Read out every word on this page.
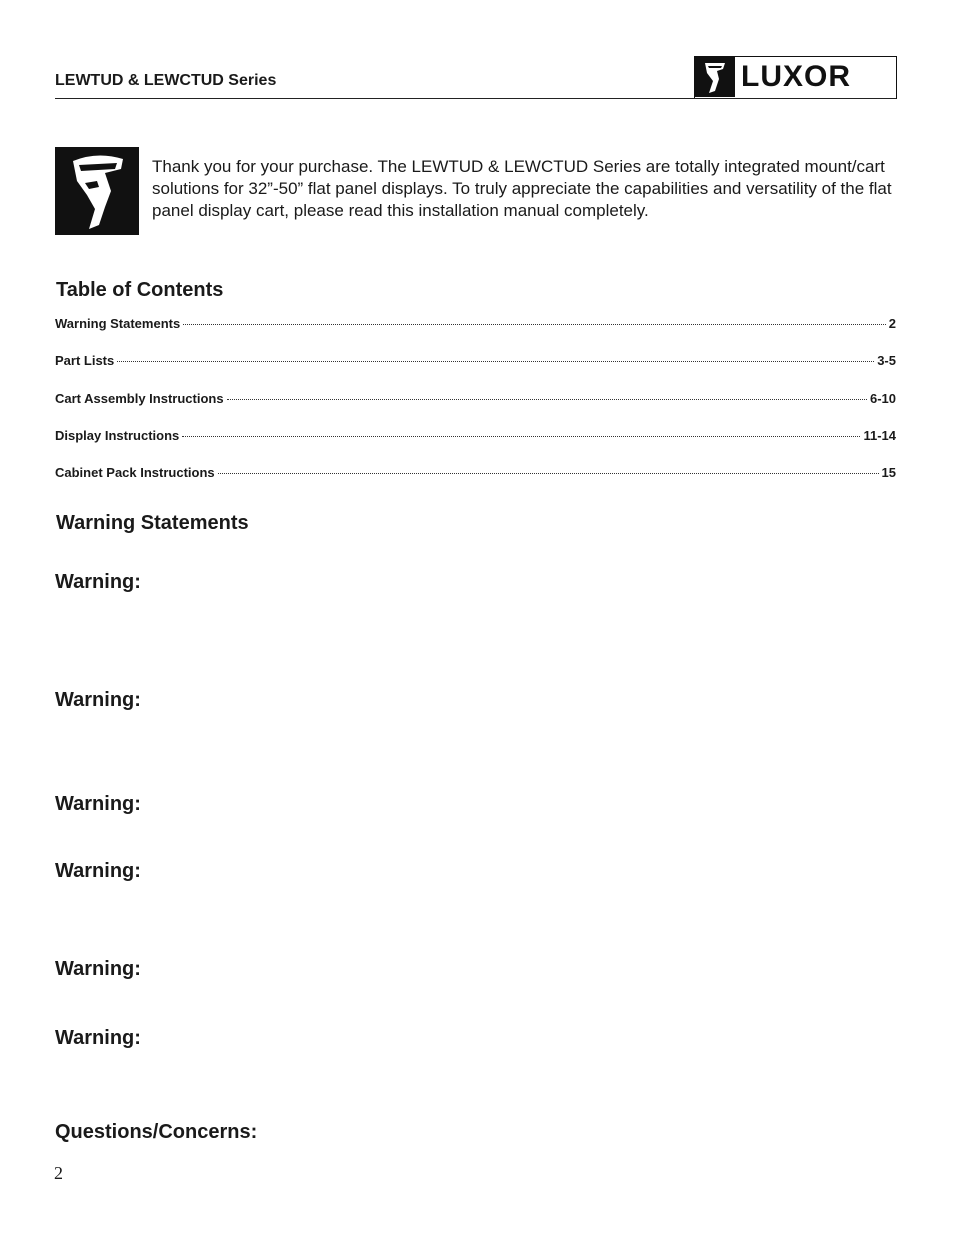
LEWTUD & LEWCTUD Series	LUXOR
Thank you for your purchase. The LEWTUD & LEWCTUD Series are totally integrated mount/cart solutions for 32”-50” flat panel displays. To truly appreciate the capabilities and versatility of the flat panel display cart, please read this installation manual completely.
Table of Contents
Warning Statements	2
Part Lists	3-5
Cart Assembly Instructions	6-10
Display Instructions	11-14
Cabinet Pack Instructions	15
Warning Statements
Warning:
Warning:
Warning:
Warning:
Warning:
Warning:
Questions/Concerns:
2
